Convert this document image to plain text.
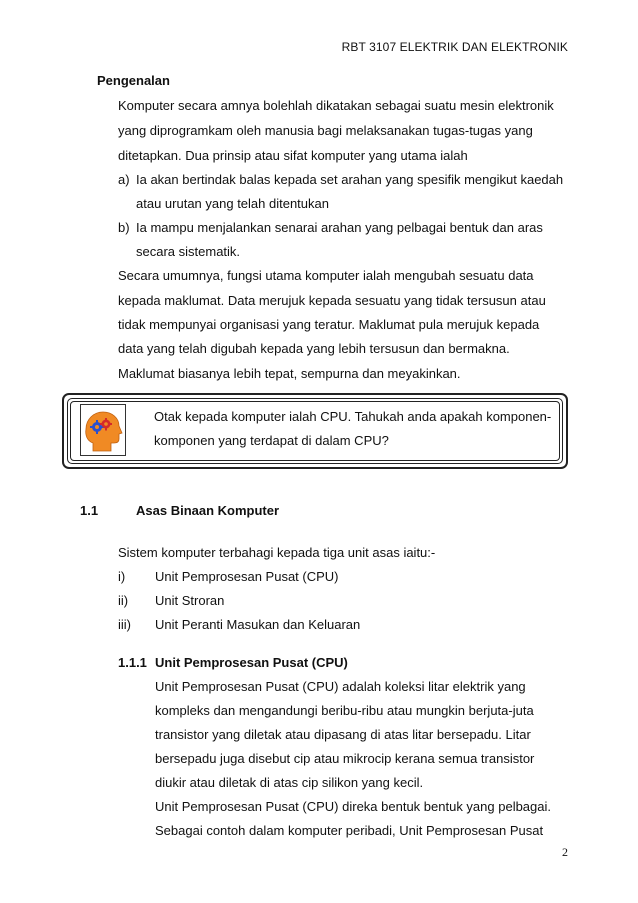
RBT 3107 ELEKTRIK DAN ELEKTRONIK
Pengenalan
Komputer secara amnya bolehlah dikatakan sebagai suatu mesin elektronik
yang diprogramkam oleh manusia bagi melaksanakan tugas-tugas yang
ditetapkan. Dua prinsip atau sifat komputer yang utama ialah
a) Ia akan bertindak balas kepada set arahan yang spesifik mengikut kaedah
atau urutan yang telah ditentukan
b) Ia mampu menjalankan senarai arahan yang pelbagai bentuk dan aras
secara sistematik.
Secara umumnya, fungsi utama komputer ialah mengubah sesuatu data
kepada maklumat. Data merujuk kepada sesuatu yang tidak tersusun atau
tidak mempunyai organisasi yang teratur. Maklumat pula merujuk kepada
data yang telah digubah kepada yang lebih tersusun dan bermakna.
Maklumat biasanya lebih tepat, sempurna dan meyakinkan.
Otak kepada komputer ialah CPU. Tahukah anda apakah komponen-
komponen yang terdapat di dalam CPU?
1.1	Asas Binaan Komputer
Sistem komputer terbahagi kepada tiga unit asas iaitu:-
i) Unit Pemprosesan Pusat (CPU)
ii) Unit Stroran
iii) Unit Peranti Masukan dan Keluaran
1.1.1 Unit Pemprosesan Pusat (CPU)
Unit Pemprosesan Pusat (CPU) adalah koleksi litar elektrik yang
kompleks dan mengandungi beribu-ribu atau mungkin berjuta-juta
transistor yang diletak atau dipasang di atas litar bersepadu. Litar
bersepadu juga disebut cip atau mikrocip kerana semua transistor
diukir atau diletak di atas cip silikon yang kecil.
Unit Pemprosesan Pusat (CPU) direka bentuk bentuk yang pelbagai.
Sebagai contoh dalam komputer peribadi, Unit Pemprosesan Pusat
2
